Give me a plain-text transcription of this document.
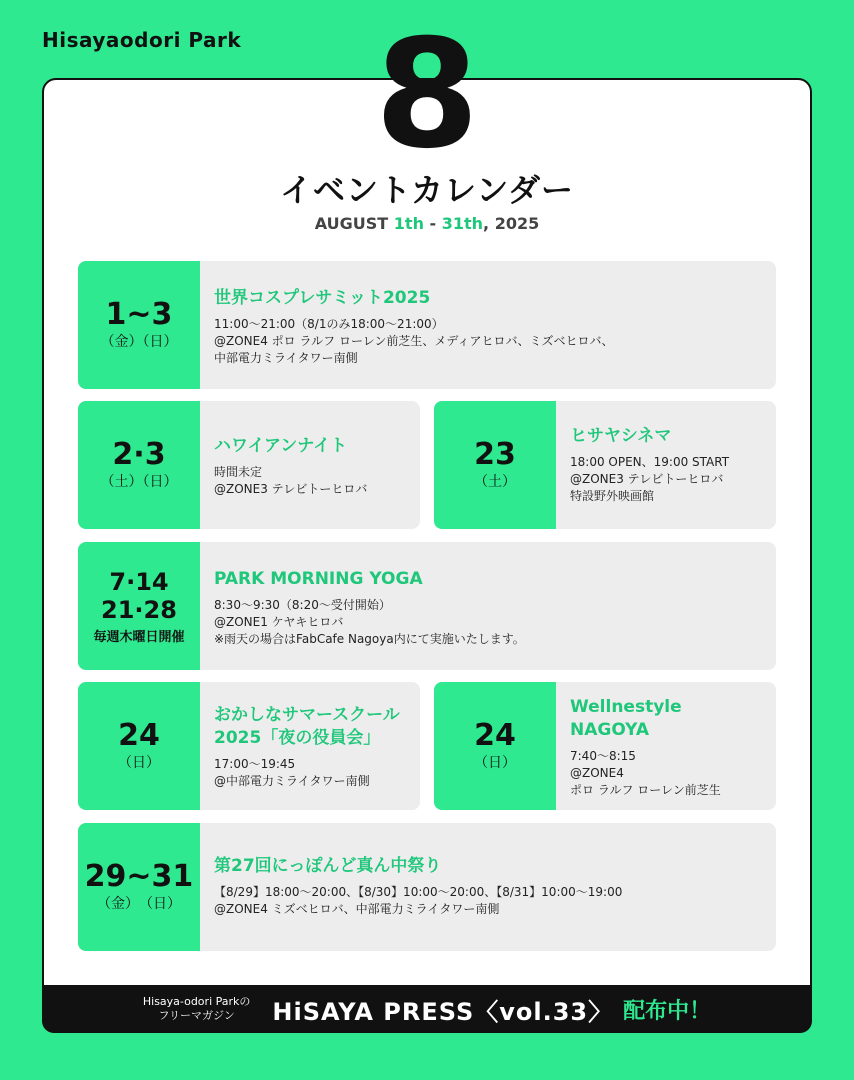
Hisayaodori Park 8
イベントカレンダー
AUGUST 1th - 31th, 2025
1~3
（金）（日）
世界コスプレサミット2025
11:00〜21:00（8/1のみ18:00〜21:00）
@ZONE4 ポロ ラルフ ローレン前芝生、メディアヒロバ、ミズベヒロバ、
中部電力ミライタワー南側
2·3
（土）（日）
ハワイアンナイト
時間未定
@ZONE3 テレビトーヒロバ
23
（土）
ヒサヤシネマ
18:00 OPEN、19:00 START
@ZONE3 テレビトーヒロバ
特設野外映画館
7·14
21·28
毎週木曜日開催
PARK MORNING YOGA
8:30〜9:30（8:20〜受付開始）
@ZONE1 ケヤキヒロバ
※雨天の場合はFabCafe Nagoya内にて実施いたします。
24
（日）
おかしなサマースクール
2025「夜の役員会」
17:00〜19:45
@中部電力ミライタワー南側
24
（日）
Wellnestyle
NAGOYA
7:40〜8:15
@ZONE4
ポロ ラルフ ローレン前芝生
29~31
（金）　（日）
第27回にっぽんど真ん中祭り
【8/29】18:00〜20:00、【8/30】10:00〜20:00、【8/31】10:00〜19:00
@ZONE4 ミズベヒロバ、中部電力ミライタワー南側
Hisaya-odori Parkの
フリーマガジン	HiSAYA PRESS〈vol.33〉 配布中！
